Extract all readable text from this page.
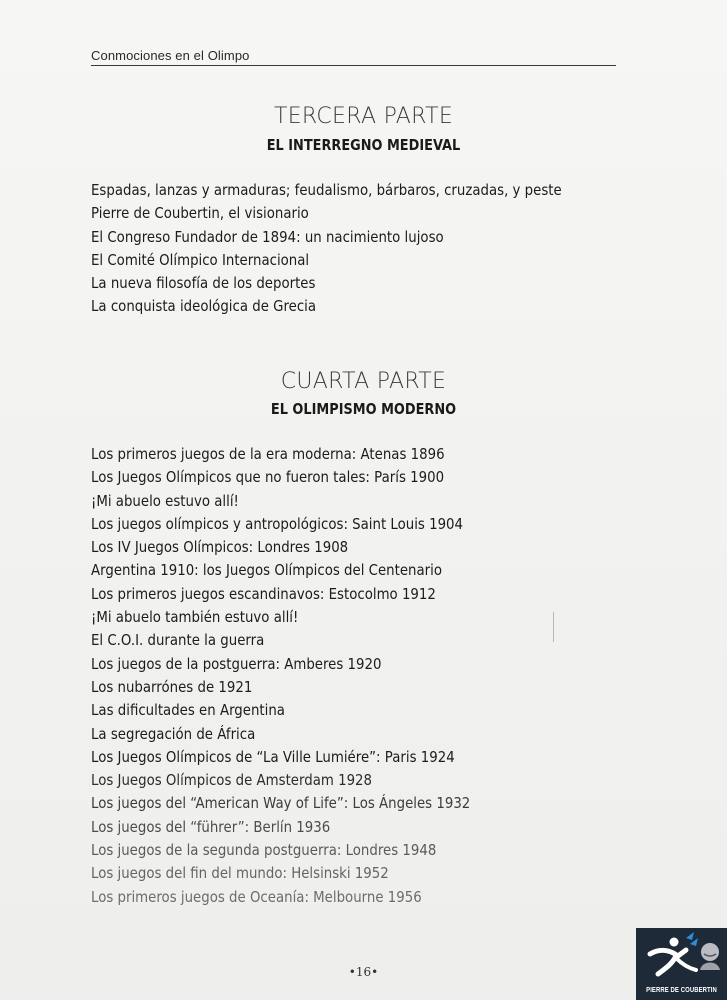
Conmociones en el Olimpo
TERCERA PARTE
EL INTERREGNO MEDIEVAL
Espadas, lanzas y armaduras; feudalismo, bárbaros, cruzadas, y peste
Pierre de Coubertin, el visionario
El Congreso Fundador de 1894: un nacimiento lujoso
El Comité Olímpico Internacional
La nueva filosofía de los deportes
La conquista ideológica de Grecia
CUARTA PARTE
EL OLIMPISMO MODERNO
Los primeros juegos de la era moderna: Atenas 1896
Los Juegos Olímpicos que no fueron tales: París 1900
¡Mi abuelo estuvo allí!
Los juegos olímpicos y antropológicos: Saint Louis 1904
Los IV Juegos Olímpicos: Londres 1908
Argentina 1910: los Juegos Olímpicos del Centenario
Los primeros juegos escandinavos: Estocolmo 1912
¡Mi abuelo también estuvo allí!
El C.O.I. durante la guerra
Los juegos de la postguerra: Amberes 1920
Los nubarrónes de 1921
Las dificultades en Argentina
La segregación de África
Los Juegos Olímpicos de “La Ville Lumiére”: Paris 1924
Los Juegos Olímpicos de Amsterdam 1928
Los juegos del “American Way of Life”: Los Ángeles 1932
Los juegos del “führer”: Berlín 1936
Los juegos de la segunda postguerra: Londres 1948
Los juegos del fin del mundo: Helsinski 1952
Los primeros juegos de Oceanía: Melbourne 1956
•16•
PIERRE DE COUBERTIN
